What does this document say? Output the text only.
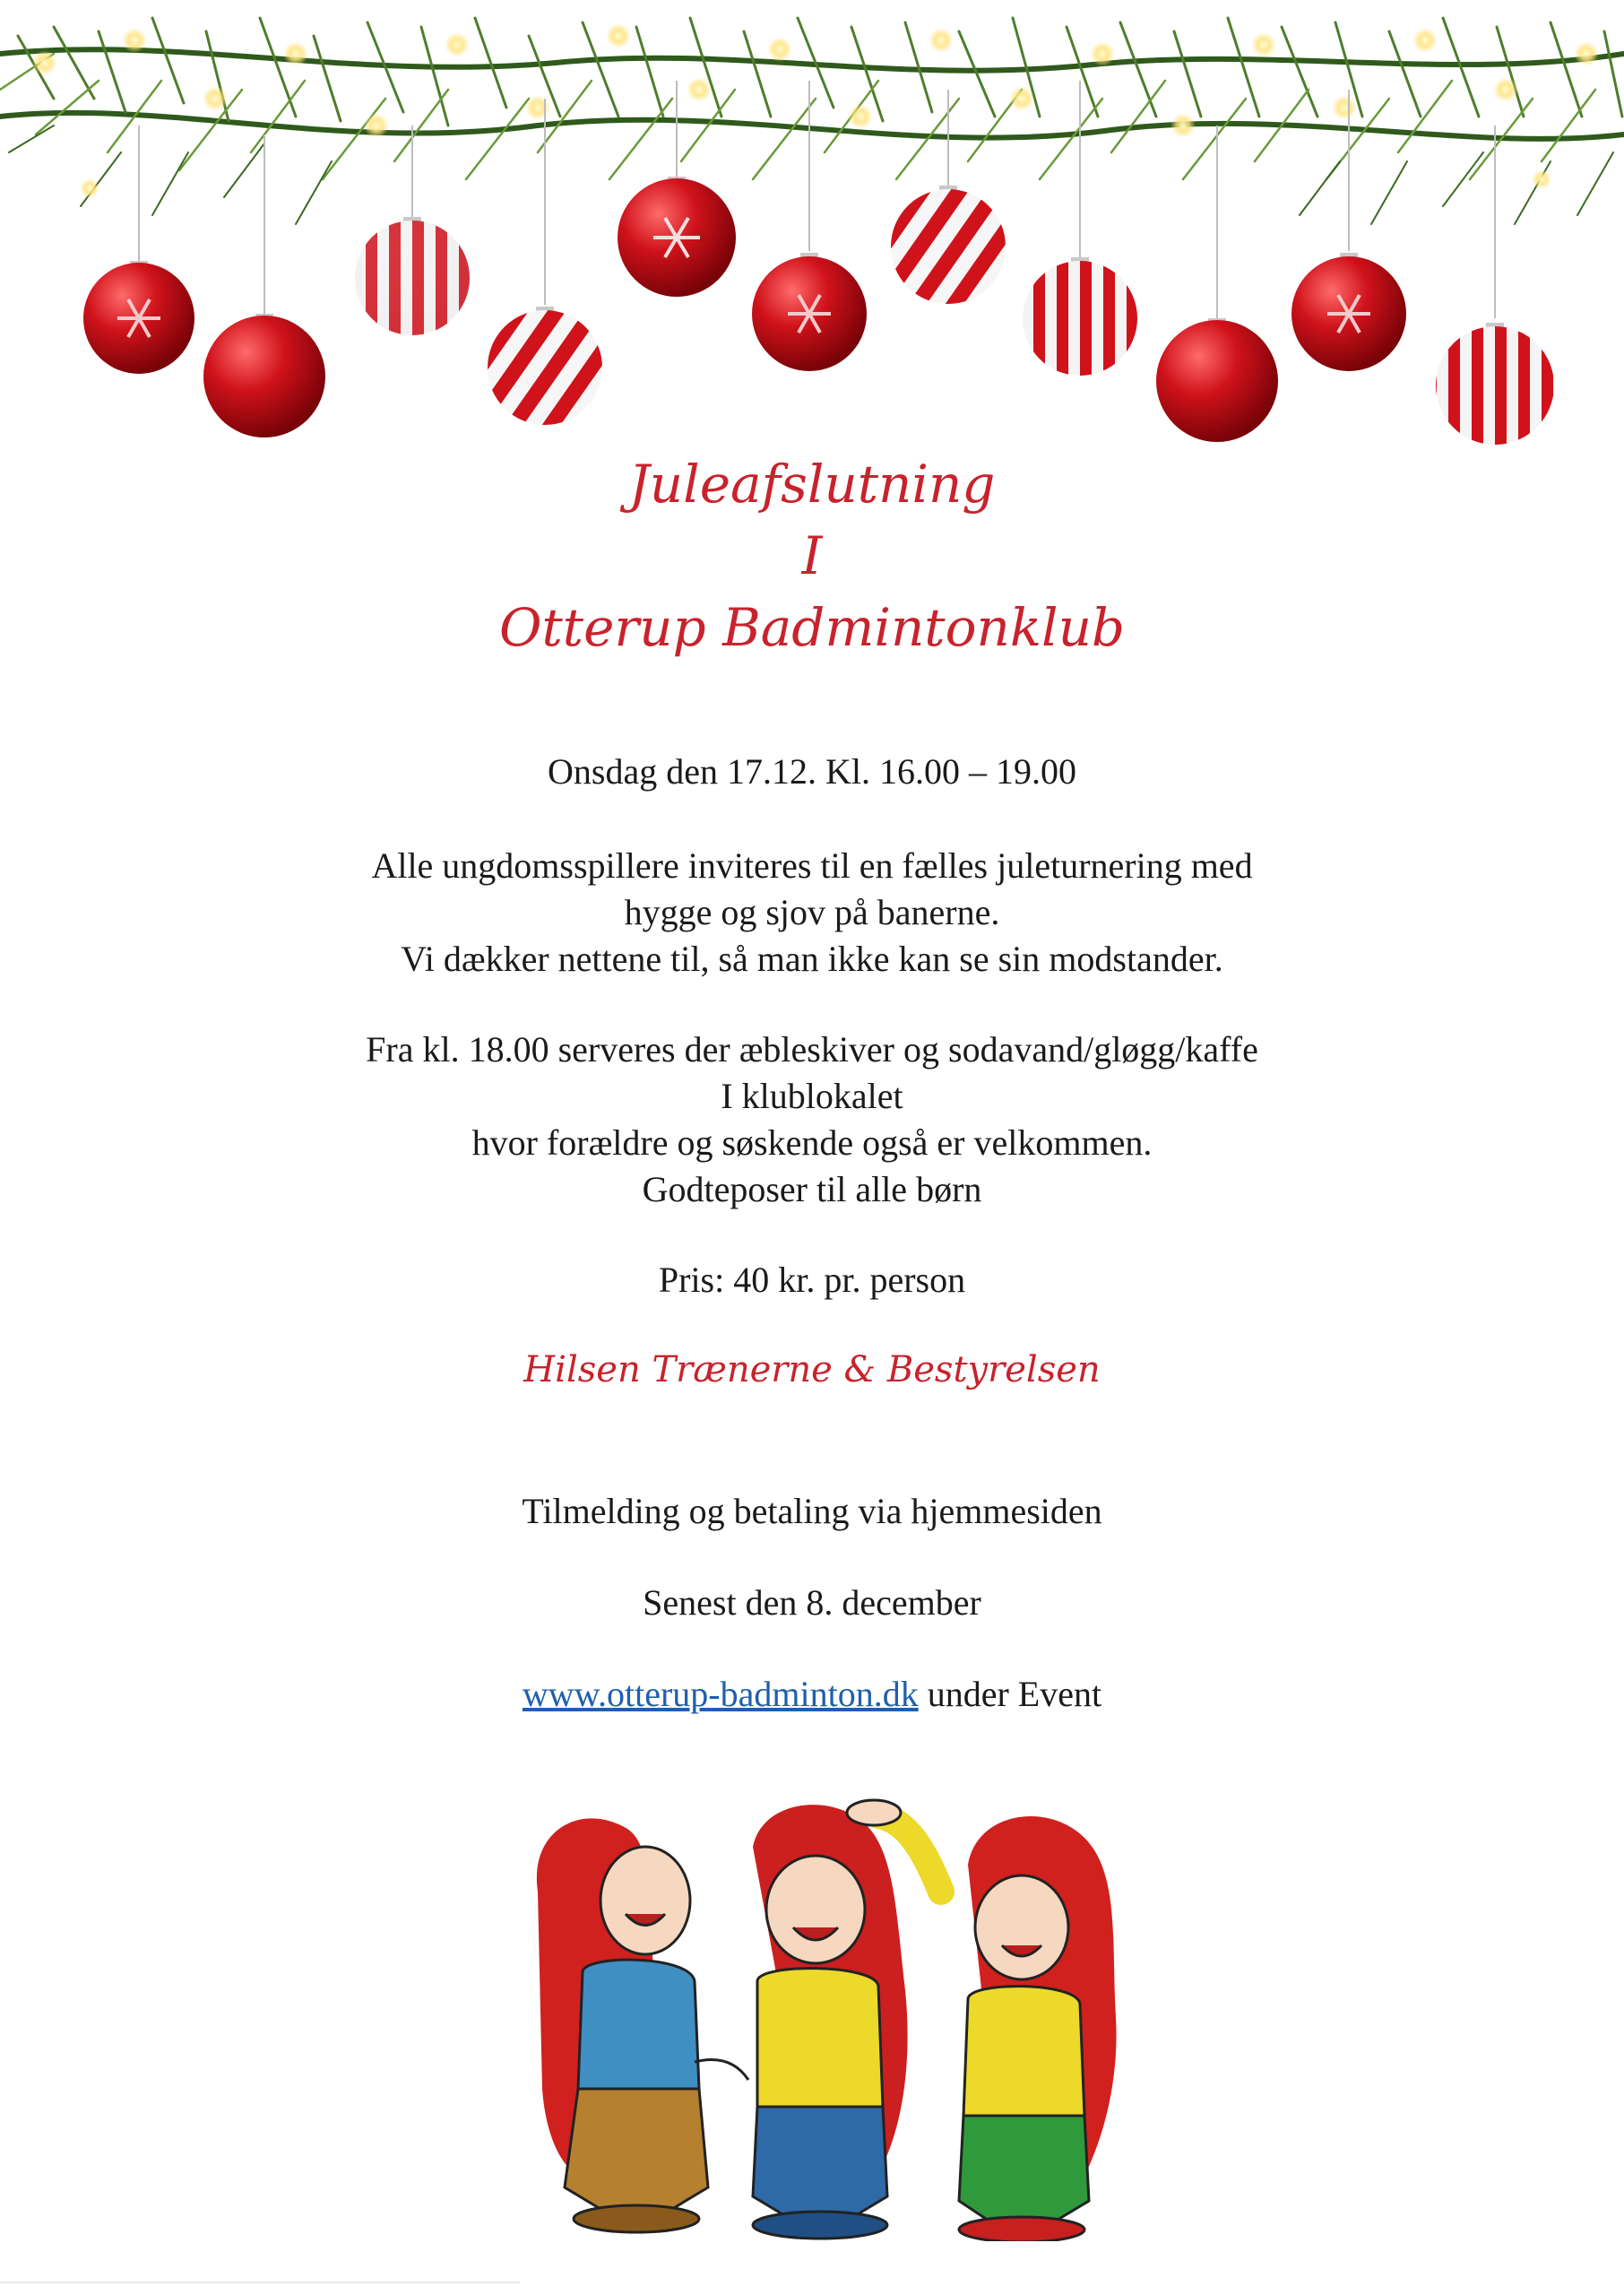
Juleafslutning
I
Otterup Badmintonklub
Onsdag den 17.12. Kl. 16.00 – 19.00
Alle ungdomsspillere inviteres til en fælles juleturnering med
hygge og sjov på banerne.
Vi dækker nettene til, så man ikke kan se sin modstander.
Fra kl. 18.00 serveres der æbleskiver og sodavand/gløgg/kaffe
I klublokalet
hvor forældre og søskende også er velkommen.
Godteposer til alle børn
Pris: 40 kr. pr. person
Hilsen Trænerne & Bestyrelsen
Tilmelding og betaling via hjemmesiden
Senest den 8. december
www.otterup-badminton.dk under Event
